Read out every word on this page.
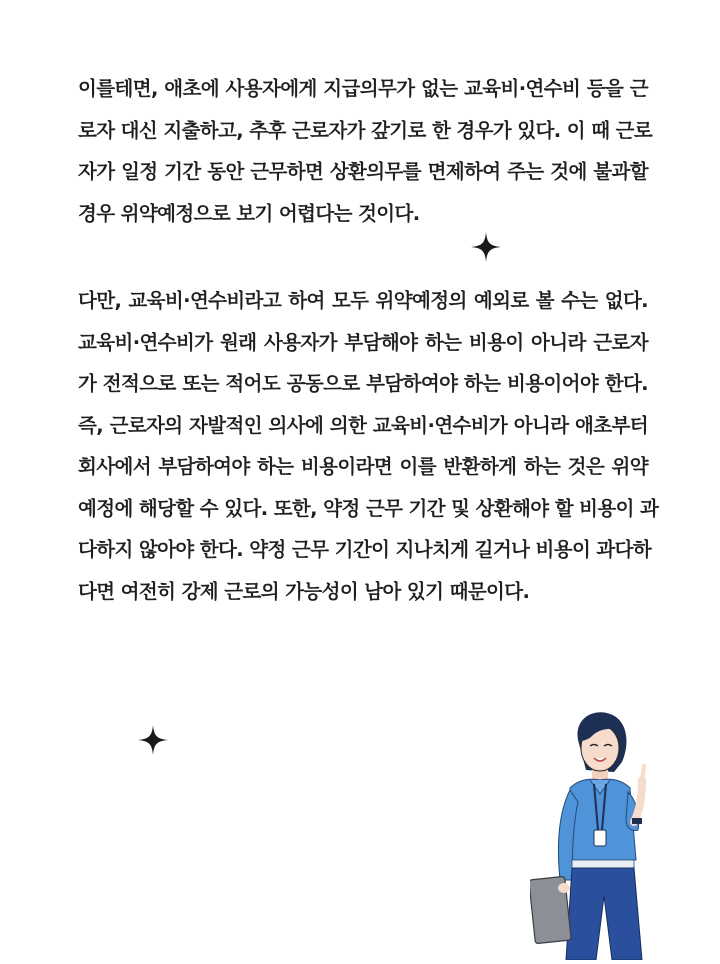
이를테면, 애초에 사용자에게 지급의무가 없는 교육비·연수비 등을 근
로자 대신 지출하고, 추후 근로자가 갚기로 한 경우가 있다. 이 때 근로
자가 일정 기간 동안 근무하면 상환의무를 면제하여 주는 것에 불과할
경우 위약예정으로 보기 어렵다는 것이다.

다만, 교육비·연수비라고 하여 모두 위약예정의 예외로 볼 수는 없다.
교육비·연수비가 원래 사용자가 부담해야 하는 비용이 아니라 근로자
가 전적으로 또는 적어도 공동으로 부담하여야 하는 비용이어야 한다.
즉, 근로자의 자발적인 의사에 의한 교육비·연수비가 아니라 애초부터
회사에서 부담하여야 하는 비용이라면 이를 반환하게 하는 것은 위약
예정에 해당할 수 있다. 또한, 약정 근무 기간 및 상환해야 할 비용이 과
다하지 않아야 한다. 약정 근무 기간이 지나치게 길거나 비용이 과다하
다면 여전히 강제 근로의 가능성이 남아 있기 때문이다.
